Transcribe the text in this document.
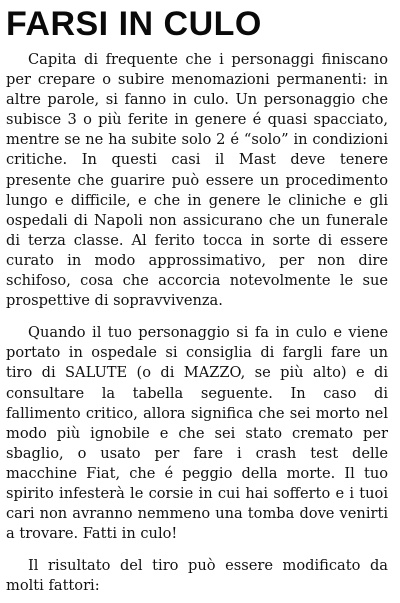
FARSI IN CULO

Capita di frequente che i personaggi finiscano per crepare o subire menomazioni permanenti: in altre parole, si fanno in culo. Un personaggio che subisce 3 o più ferite in genere é quasi spacciato, mentre se ne ha subite solo 2 é “solo” in condizioni critiche. In questi casi il Mast deve tenere presente che guarire può essere un procedimento lungo e difficile, e che in genere le cliniche e gli ospedali di Napoli non assicurano che un funerale di terza classe. Al ferito tocca in sorte di essere curato in modo approssimativo, per non dire schifoso, cosa che accorcia notevolmente le sue prospettive di sopravvivenza.

Quando il tuo personaggio si fa in culo e viene portato in ospedale si consiglia di fargli fare un tiro di SALUTE (o di MAZZO, se più alto) e di consultare la tabella seguente. In caso di fallimento critico, allora significa che sei morto nel modo più ignobile e che sei stato cremato per sbaglio, o usato per fare i crash test delle macchine Fiat, che é peggio della morte. Il tuo spirito infesterà le corsie in cui hai sofferto e i tuoi cari non avranno nemmeno una tomba dove venirti a trovare. Fatti in culo!

Il risultato del tiro può essere modificato da molti fattori:
